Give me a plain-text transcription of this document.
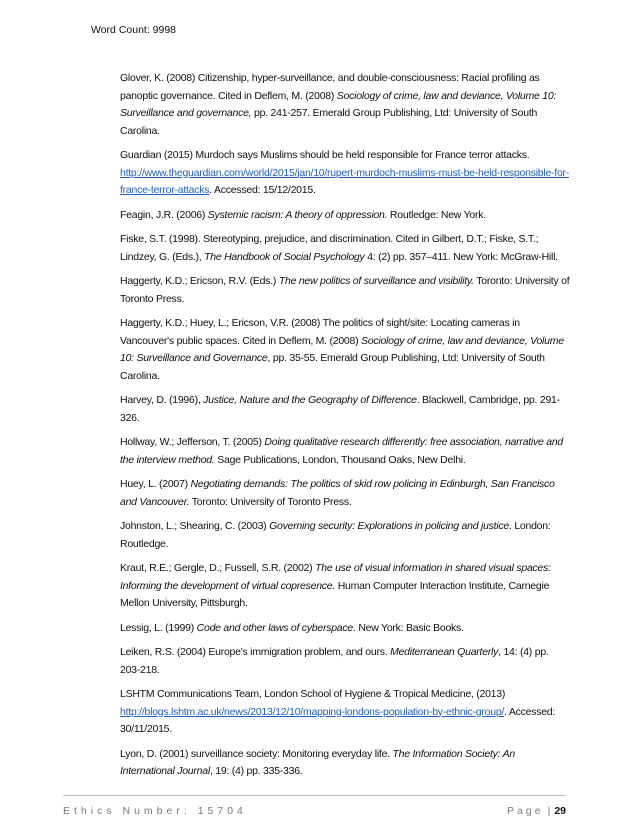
Word Count: 9998

Glover, K. (2008) Citizenship, hyper-surveillance, and double-consciousness: Racial profiling as panoptic governance. Cited in Deflem, M. (2008) Sociology of crime, law and deviance, Volume 10: Surveillance and governance, pp. 241-257. Emerald Group Publishing, Ltd: University of South Carolina.

Guardian (2015) Murdoch says Muslims should be held responsible for France terror attacks. http://www.theguardian.com/world/2015/jan/10/rupert-murdoch-muslims-must-be-held-responsible-for-france-terror-attacks. Accessed: 15/12/2015.

Feagin, J.R. (2006) Systemic racism: A theory of oppression. Routledge: New York.

Fiske, S.T. (1998). Stereotyping, prejudice, and discrimination. Cited in Gilbert, D.T.; Fiske, S.T.; Lindzey, G. (Eds.), The Handbook of Social Psychology 4: (2) pp. 357–411. New York: McGraw-Hill.

Haggerty, K.D.; Ericson, R.V. (Eds.) The new politics of surveillance and visibility. Toronto: University of Toronto Press.

Haggerty, K.D.; Huey, L.; Ericson, V.R. (2008) The politics of sight/site: Locating cameras in Vancouver's public spaces. Cited in Deflem, M. (2008) Sociology of crime, law and deviance, Volume 10: Surveillance and Governance, pp. 35-55. Emerald Group Publishing, Ltd: University of South Carolina.

Harvey, D. (1996), Justice, Nature and the Geography of Difference. Blackwell, Cambridge, pp. 291-326.

Hollway, W.; Jefferson, T. (2005) Doing qualitative research differently: free association, narrative and the interview method. Sage Publications, London, Thousand Oaks, New Delhi.

Huey, L. (2007) Negotiating demands: The politics of skid row policing in Edinburgh, San Francisco and Vancouver. Toronto: University of Toronto Press.

Johnston, L.; Shearing, C. (2003) Governing security: Explorations in policing and justice. London: Routledge.

Kraut, R.E.; Gergle, D.; Fussell, S.R. (2002) The use of visual information in shared visual spaces: Informing the development of virtual copresence. Human Computer Interaction Institute, Carnegie Mellon University, Pittsburgh.

Lessig, L. (1999) Code and other laws of cyberspace. New York: Basic Books.

Leiken, R.S. (2004) Europe's immigration problem, and ours. Mediterranean Quarterly, 14: (4) pp. 203-218.

LSHTM Communications Team, London School of Hygiene & Tropical Medicine, (2013) http://blogs.lshtm.ac.uk/news/2013/12/10/mapping-londons-population-by-ethnic-group/. Accessed: 30/11/2015.

Lyon, D. (2001) surveillance society: Monitoring everyday life. The Information Society: An International Journal, 19: (4) pp. 335-336.

Ethics Number: 15704	Page | 29
